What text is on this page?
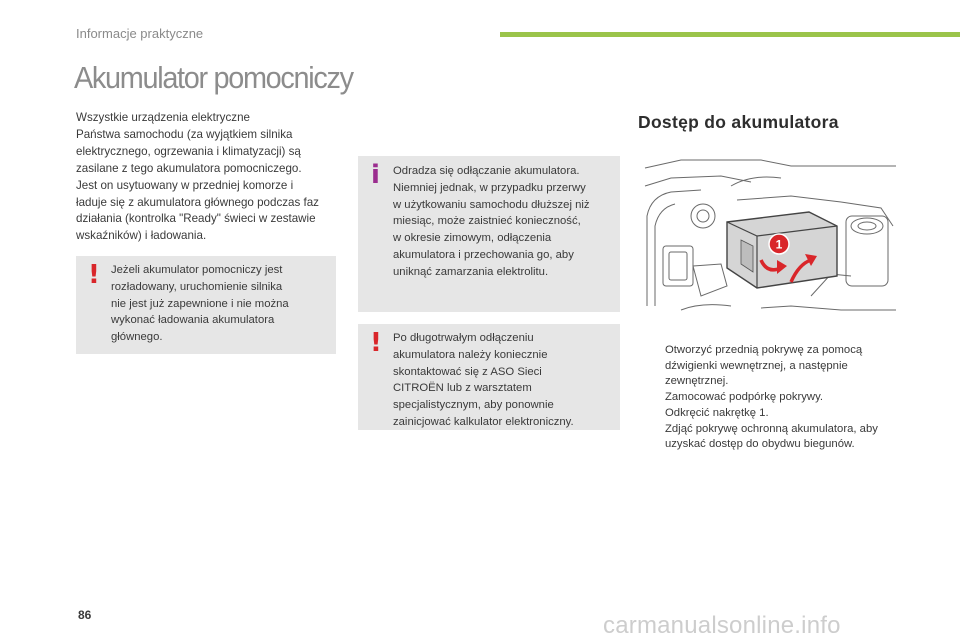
Informacje praktyczne
Akumulator pomocniczy
Wszystkie urządzenia elektryczne
Państwa samochodu (za wyjątkiem silnika
elektrycznego, ogrzewania i klimatyzacji) są
zasilane z tego akumulatora pomocniczego.
Jest on usytuowany w przedniej komorze i
ładuje się z akumulatora głównego podczas faz
działania (kontrolka "Ready" świeci w zestawie
wskaźników) i ładowania.
! Jeżeli akumulator pomocniczy jest
rozładowany, uruchomienie silnika
nie jest już zapewnione i nie można
wykonać ładowania akumulatora
głównego.
i Odradza się odłączanie akumulatora.
Niemniej jednak, w przypadku przerwy
w użytkowaniu samochodu dłuższej niż
miesiąc, może zaistnieć konieczność,
w okresie zimowym, odłączenia
akumulatora i przechowania go, aby
uniknąć zamarzania elektrolitu.
! Po długotrwałym odłączeniu
akumulatora należy koniecznie
skontaktować się z ASO Sieci
CITROËN lub z warsztatem
specjalistycznym, aby ponownie
zainicjować kalkulator elektroniczny.
Dostęp do akumulatora
1
Otworzyć przednią pokrywę za pomocą
dźwigienki wewnętrznej, a następnie
zewnętrznej.
Zamocować podpórkę pokrywy.
Odkręcić nakrętkę 1.
Zdjąć pokrywę ochronną akumulatora, aby
uzyskać dostęp do obydwu biegunów.
86	carmanualsonline.info
